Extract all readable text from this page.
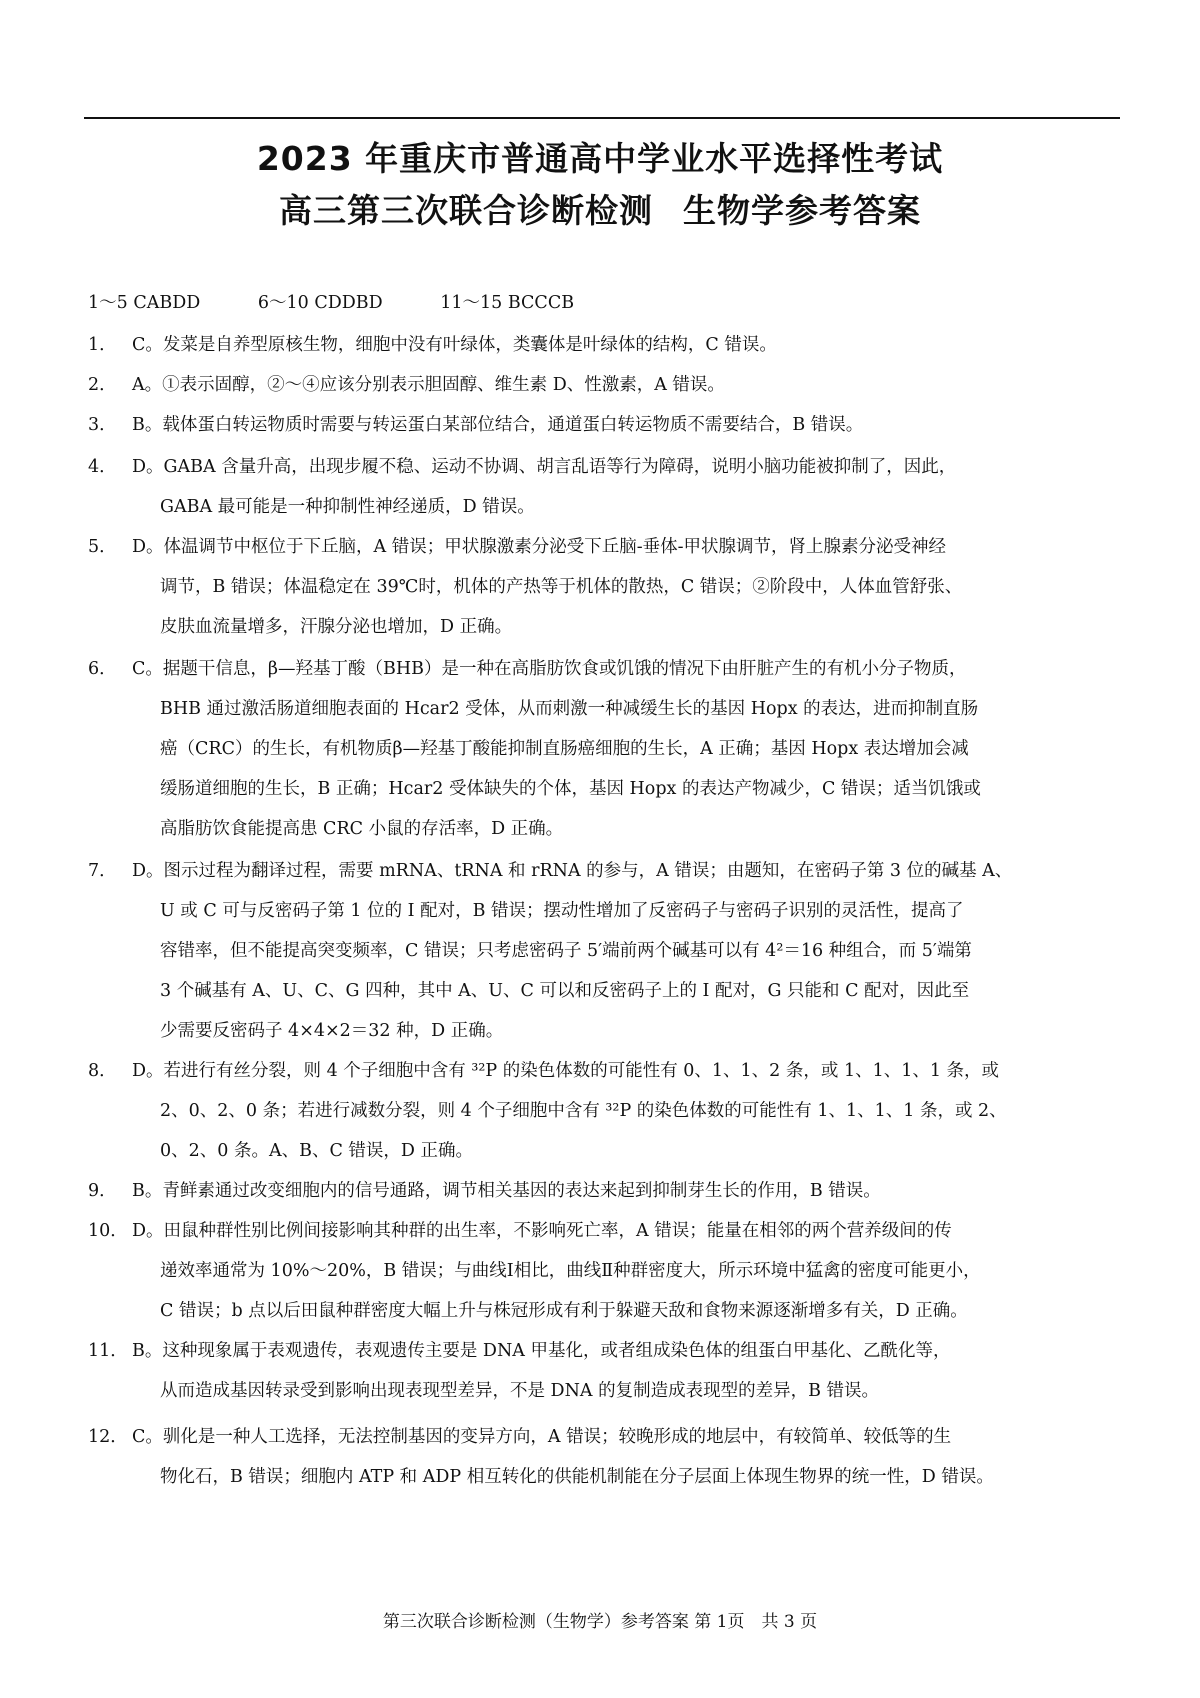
2023 年重庆市普通高中学业水平选择性考试
高三第三次联合诊断检测 生物学参考答案
1～5 CABDD	6～10 CDDBD	11～15 BCCCB
1． C。发菜是自养型原核生物，细胞中没有叶绿体，类囊体是叶绿体的结构，C 错误。
2． A。①表示固醇，②～④应该分别表示胆固醇、维生素 D、性激素，A 错误。
3． B。载体蛋白转运物质时需要与转运蛋白某部位结合，通道蛋白转运物质不需要结合，B 错误。
4． D。GABA 含量升高，出现步履不稳、运动不协调、胡言乱语等行为障碍，说明小脑功能被抑制了，因此，
GABA 最可能是一种抑制性神经递质，D 错误。
5． D。体温调节中枢位于下丘脑，A 错误；甲状腺激素分泌受下丘脑-垂体-甲状腺调节，肾上腺素分泌受神经
调节，B 错误；体温稳定在 39℃时，机体的产热等于机体的散热，C 错误；②阶段中，人体血管舒张、
皮肤血流量增多，汗腺分泌也增加，D 正确。
6． C。据题干信息，β—羟基丁酸（BHB）是一种在高脂肪饮食或饥饿的情况下由肝脏产生的有机小分子物质，
BHB 通过激活肠道细胞表面的 Hcar2 受体，从而刺激一种减缓生长的基因 Hopx 的表达，进而抑制直肠
癌（CRC）的生长，有机物质β—羟基丁酸能抑制直肠癌细胞的生长，A 正确；基因 Hopx 表达增加会减
缓肠道细胞的生长，B 正确；Hcar2 受体缺失的个体，基因 Hopx 的表达产物减少，C 错误；适当饥饿或
高脂肪饮食能提高患 CRC 小鼠的存活率，D 正确。
7． D。图示过程为翻译过程，需要 mRNA、tRNA 和 rRNA 的参与，A 错误；由题知，在密码子第 3 位的碱基 A、
U 或 C 可与反密码子第 1 位的 I 配对，B 错误；摆动性增加了反密码子与密码子识别的灵活性，提高了
容错率，但不能提高突变频率，C 错误；只考虑密码子 5′端前两个碱基可以有 4²＝16 种组合，而 5′端第
3 个碱基有 A、U、C、G 四种，其中 A、U、C 可以和反密码子上的 I 配对，G 只能和 C 配对，因此至
少需要反密码子 4×4×2＝32 种，D 正确。
8． D。若进行有丝分裂，则 4 个子细胞中含有 ³²P 的染色体数的可能性有 0、1、1、2 条，或 1、1、1、1 条，或
2、0、2、0 条；若进行减数分裂，则 4 个子细胞中含有 ³²P 的染色体数的可能性有 1、1、1、1 条，或 2、
0、2、0 条。A、B、C 错误，D 正确。
9． B。青鲜素通过改变细胞内的信号通路，调节相关基因的表达来起到抑制芽生长的作用，B 错误。
10． D。田鼠种群性别比例间接影响其种群的出生率，不影响死亡率，A 错误；能量在相邻的两个营养级间的传
递效率通常为 10%～20%，B 错误；与曲线Ⅰ相比，曲线Ⅱ种群密度大，所示环境中猛禽的密度可能更小，
C 错误；b 点以后田鼠种群密度大幅上升与株冠形成有利于躲避天敌和食物来源逐渐增多有关，D 正确。
11． B。这种现象属于表观遗传，表观遗传主要是 DNA 甲基化，或者组成染色体的组蛋白甲基化、乙酰化等，
从而造成基因转录受到影响出现表现型差异，不是 DNA 的复制造成表现型的差异，B 错误。
12． C。驯化是一种人工选择，无法控制基因的变异方向，A 错误；较晚形成的地层中，有较简单、较低等的生
物化石，B 错误；细胞内 ATP 和 ADP 相互转化的供能机制能在分子层面上体现生物界的统一性，D 错误。
第三次联合诊断检测（生物学）参考答案 第 1页　共 3 页
